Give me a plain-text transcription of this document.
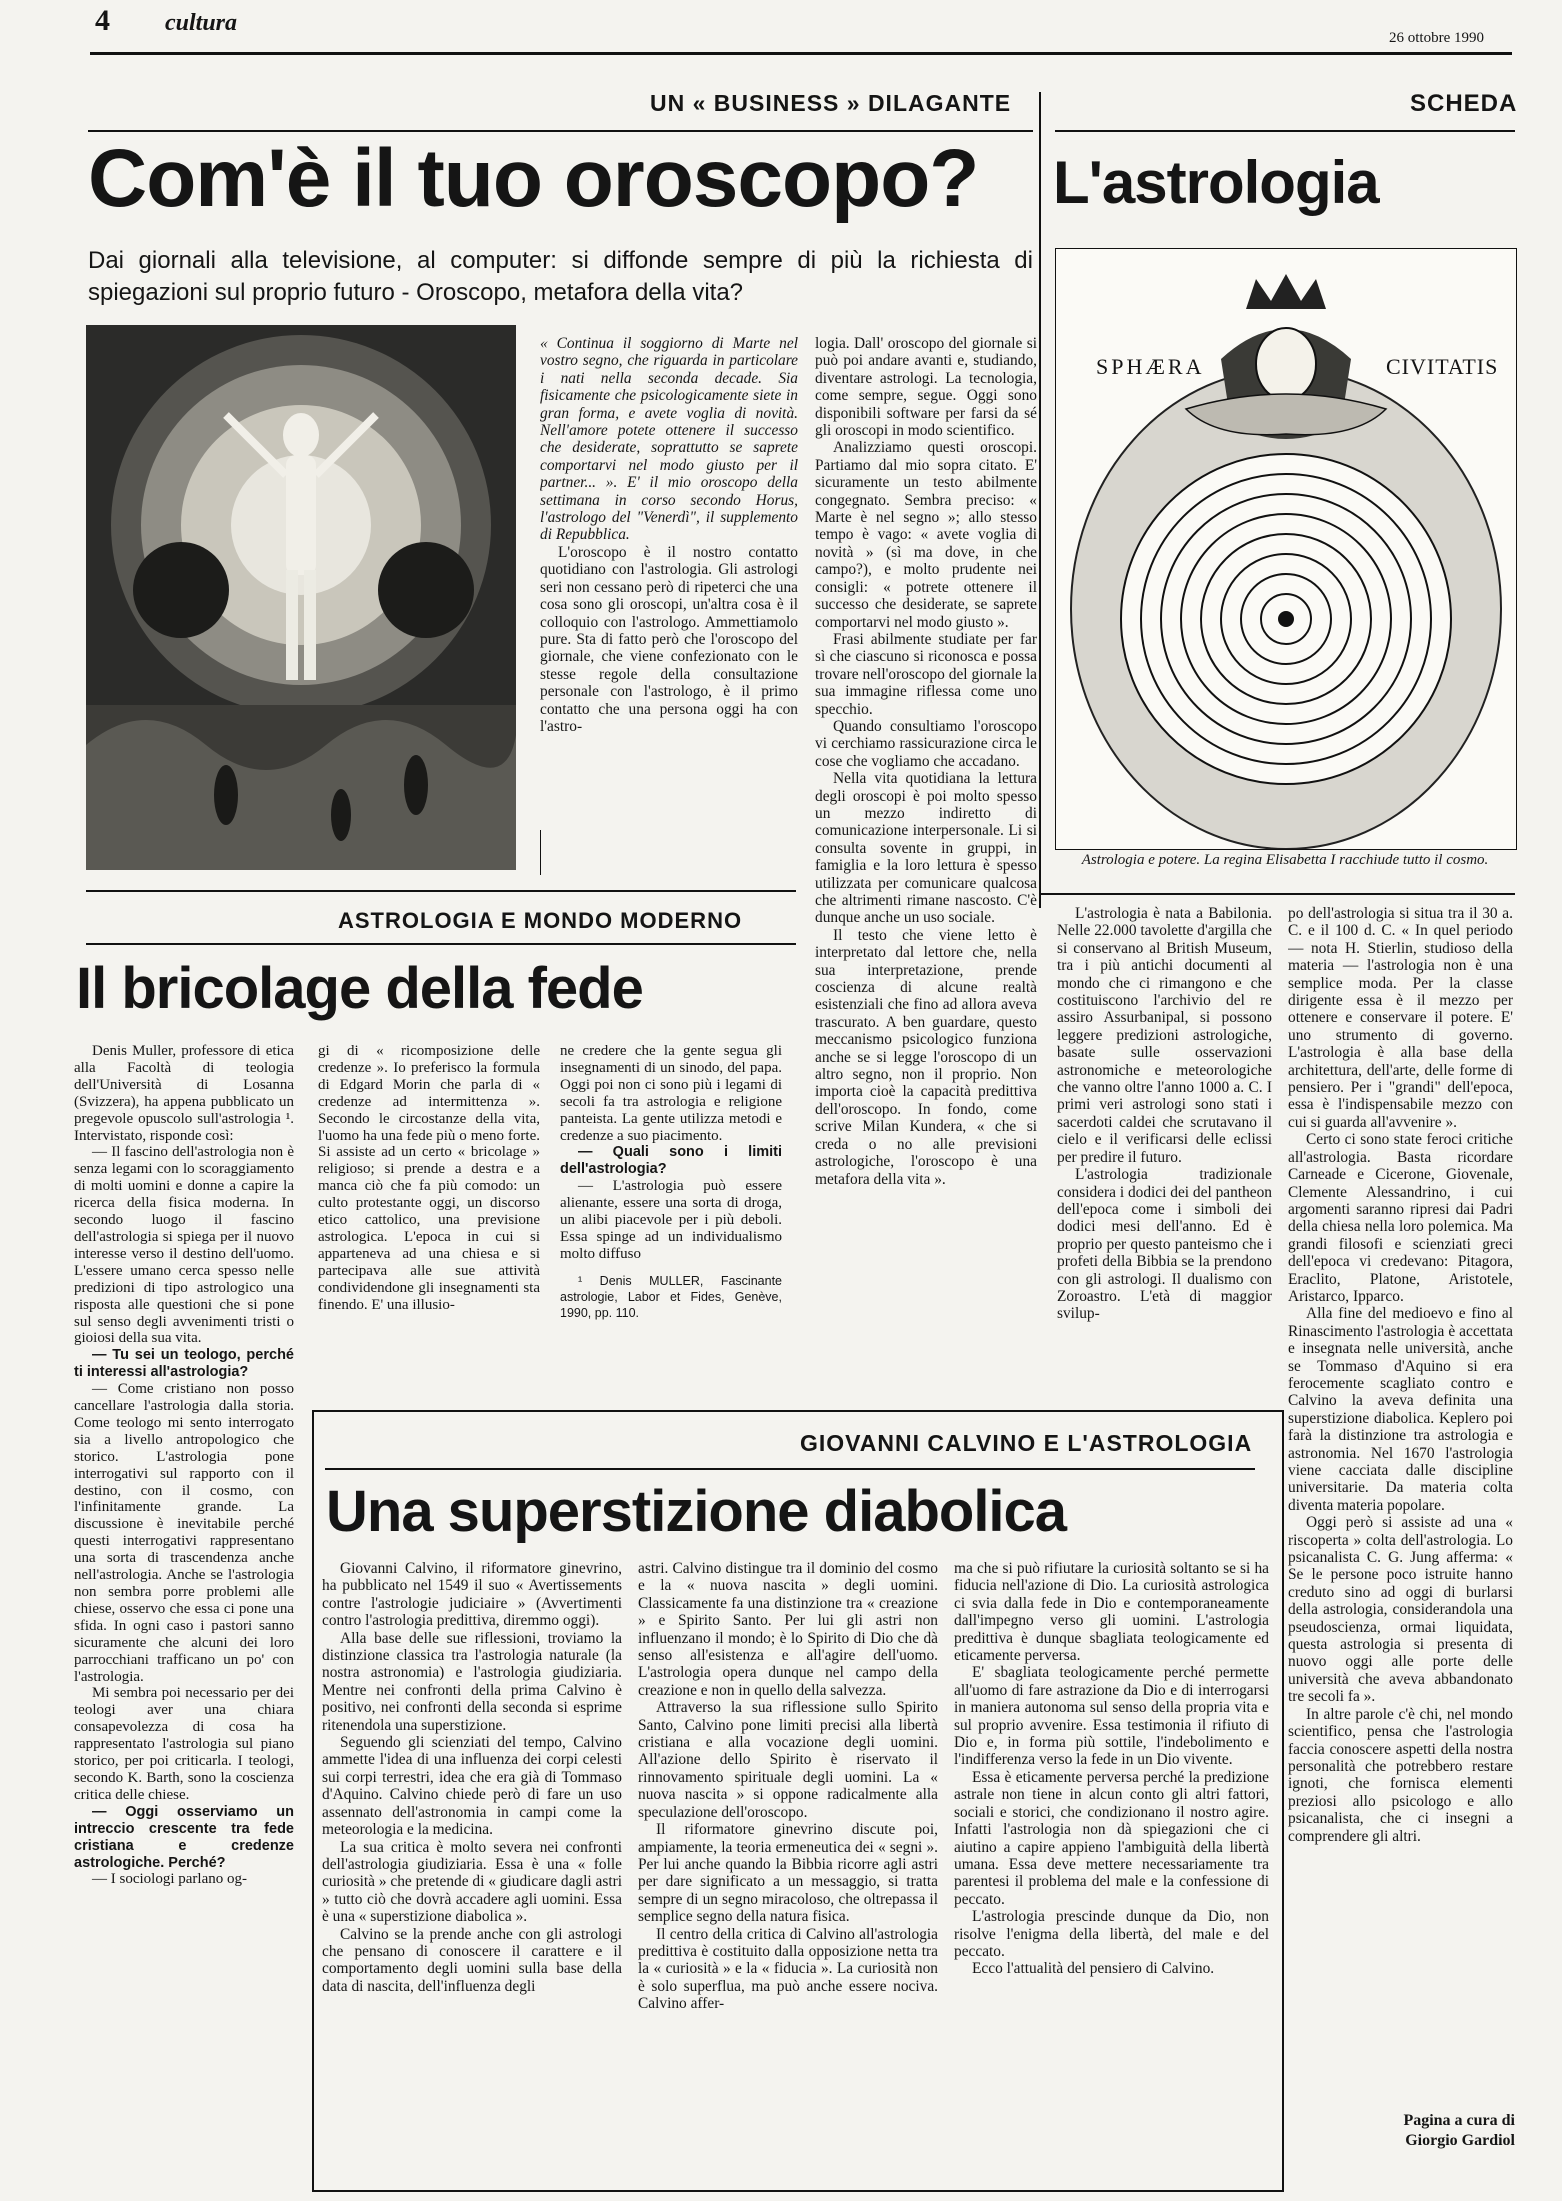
4 cultura
26 ottobre 1990
UN « BUSINESS » DILAGANTE
Com'è il tuo oroscopo?
Dai giornali alla televisione, al computer: si diffonde sempre di più la richiesta di spiegazioni sul proprio futuro - Oroscopo, metafora della vita?

« Continua il soggiorno di Marte nel vostro segno, che riguarda in particolare i nati nella seconda decade. Sia fisicamente che psicologicamente siete in gran forma, e avete voglia di novità. Nell'amore potete ottenere il successo che desiderate, soprattutto se saprete comportarvi nel modo giusto per il partner... ». E' il mio oroscopo della settimana in corso secondo Horus, l'astrologo del "Venerdì", il supplemento di Repubblica.

L'oroscopo è il nostro contatto quotidiano con l'astrologia. Gli astrologi seri non cessano però di ripeterci che una cosa sono gli oroscopi, un'altra cosa è il colloquio con l'astrologo. Ammettiamolo pure. Sta di fatto però che l'oroscopo del giornale, che viene confezionato con le stesse regole della consultazione personale con l'astrologo, è il primo contatto che una persona oggi ha con l'astro-

logia. Dall' oroscopo del giornale si può poi andare avanti e, studiando, diventare astrologi. La tecnologia, come sempre, segue. Oggi sono disponibili software per farsi da sé gli oroscopi in modo scientifico.

Analizziamo questi oroscopi. Partiamo dal mio sopra citato. E' sicuramente un testo abilmente congegnato. Sembra preciso: « Marte è nel segno »; allo stesso tempo è vago: « avete voglia di novità » (sì ma dove, in che campo?), e molto prudente nei consigli: « potrete ottenere il successo che desiderate, se saprete comportarvi nel modo giusto ».

Frasi abilmente studiate per far sì che ciascuno si riconosca e possa trovare nell'oroscopo del giornale la sua immagine riflessa come uno specchio.

Quando consultiamo l'oroscopo vi cerchiamo rassicurazione circa le cose che vogliamo che accadano.

Nella vita quotidiana la lettura degli oroscopi è poi molto spesso un mezzo indiretto di comunicazione interpersonale. Li si consulta sovente in gruppi, in famiglia e la loro lettura è spesso utilizzata per comunicare qualcosa che altrimenti rimane nascosto. C'è dunque anche un uso sociale.

Il testo che viene letto è interpretato dal lettore che, nella sua interpretazione, prende coscienza di alcune realtà esistenziali che fino ad allora aveva trascurato. A ben guardare, questo meccanismo psicologico funziona anche se si legge l'oroscopo di un altro segno, non il proprio. Non importa cioè la capacità predittiva dell'oroscopo. In fondo, come scrive Milan Kundera, « che si creda o no alle previsioni astrologiche, l'oroscopo è una metafora della vita ».

ASTROLOGIA E MONDO MODERNO
Il bricolage della fede

Denis Muller, professore di etica alla Facoltà di teologia dell'Università di Losanna (Svizzera), ha appena pubblicato un pregevole opuscolo sull'astrologia ¹. Intervistato, risponde così:

— Il fascino dell'astrologia non è senza legami con lo scoraggiamento di molti uomini e donne a capire la ricerca della fisica moderna. In secondo luogo il fascino dell'astrologia si spiega per il nuovo interesse verso il destino dell'uomo. L'essere umano cerca spesso nelle predizioni di tipo astrologico una risposta alle questioni che si pone sul senso degli avvenimenti tristi o gioiosi della sua vita.

— Tu sei un teologo, perché ti interessi all'astrologia?

— Come cristiano non posso cancellare l'astrologia dalla storia. Come teologo mi sento interrogato sia a livello antropologico che storico. L'astrologia pone interrogativi sul rapporto con il destino, con il cosmo, con l'infinitamente grande. La discussione è inevitabile perché questi interrogativi rappresentano una sorta di trascendenza anche nell'astrologia. Anche se l'astrologia non sembra porre problemi alle chiese, osservo che essa ci pone una sfida. In ogni caso i pastori sanno sicuramente che alcuni dei loro parrocchiani trafficano un po' con l'astrologia.

Mi sembra poi necessario per dei teologi aver una chiara consapevolezza di cosa ha rappresentato l'astrologia sul piano storico, per poi criticarla. I teologi, secondo K. Barth, sono la coscienza critica delle chiese.

— Oggi osserviamo un intreccio crescente tra fede cristiana e credenze astrologiche. Perché?

— I sociologi parlano og-

gi di « ricomposizione delle credenze ». Io preferisco la formula di Edgard Morin che parla di « credenze ad intermittenza ». Secondo le circostanze della vita, l'uomo ha una fede più o meno forte. Si assiste ad un certo « bricolage » religioso; si prende a destra e a manca ciò che fa più comodo: un culto protestante oggi, un discorso etico cattolico, una previsione astrologica. L'epoca in cui si apparteneva ad una chiesa e si partecipava alle sue attività condividendone gli insegnamenti sta finendo. E' una illusio-

ne credere che la gente segua gli insegnamenti di un sinodo, del papa. Oggi poi non ci sono più i legami di secoli fa tra astrologia e religione panteista. La gente utilizza metodi e credenze a suo piacimento.

— Quali sono i limiti dell'astrologia?

— L'astrologia può essere alienante, essere una sorta di droga, un alibi piacevole per i più deboli. Essa spinge ad un individualismo molto diffuso

¹ Denis MULLER, Fascinante astrologie, Labor et Fides, Genève, 1990, pp. 110.

SCHEDA
L'astrologia
SPHÆRA	CIVITATIS
Astrologia e potere. La regina Elisabetta I racchiude tutto il cosmo.

L'astrologia è nata a Babilonia. Nelle 22.000 tavolette d'argilla che si conservano al British Museum, tra i più antichi documenti al mondo che ci rimangono e che costituiscono l'archivio del re assiro Assurbanipal, si possono leggere predizioni astrologiche, basate sulle osservazioni astronomiche e meteorologiche che vanno oltre l'anno 1000 a. C. I primi veri astrologi sono stati i sacerdoti caldei che scrutavano il cielo e il verificarsi delle eclissi per predire il futuro.

L'astrologia tradizionale considera i dodici dei del pantheon dell'epoca come i simboli dei dodici mesi dell'anno. Ed è proprio per questo panteismo che i profeti della Bibbia se la prendono con gli astrologi. Il dualismo con Zoroastro. L'età di maggior svilup-

po dell'astrologia si situa tra il 30 a. C. e il 100 d. C. « In quel periodo — nota H. Stierlin, studioso della materia — l'astrologia non è una semplice moda. Per la classe dirigente essa è il mezzo per ottenere e conservare il potere. E' uno strumento di governo. L'astrologia è alla base della architettura, dell'arte, delle forme di pensiero. Per i "grandi" dell'epoca, essa è l'indispensabile mezzo con cui si guarda all'avvenire ».

Certo ci sono state feroci critiche all'astrologia. Basta ricordare Carneade e Cicerone, Giovenale, Clemente Alessandrino, i cui argomenti saranno ripresi dai Padri della chiesa nella loro polemica. Ma grandi filosofi e scienziati greci dell'epoca vi credevano: Pitagora, Eraclito, Platone, Aristotele, Aristarco, Ipparco.

Alla fine del medioevo e fino al Rinascimento l'astrologia è accettata e insegnata nelle università, anche se Tommaso d'Aquino si era ferocemente scagliato contro e Calvino la aveva definita una superstizione diabolica. Keplero poi farà la distinzione tra astrologia e astronomia. Nel 1670 l'astrologia viene cacciata dalle discipline universitarie. Da materia colta diventa materia popolare.

Oggi però si assiste ad una « riscoperta » colta dell'astrologia. Lo psicanalista C. G. Jung afferma: « Se le persone poco istruite hanno creduto sino ad oggi di burlarsi della astrologia, considerandola una pseudoscienza, ormai liquidata, questa astrologia si presenta di nuovo oggi alle porte delle università che aveva abbandonato tre secoli fa ».

In altre parole c'è chi, nel mondo scientifico, pensa che l'astrologia faccia conoscere aspetti della nostra personalità che potrebbero restare ignoti, che fornisca elementi preziosi allo psicologo e allo psicanalista, che ci insegni a comprendere gli altri.

Pagina a cura di
Giorgio Gardiol
GIOVANNI CALVINO E L'ASTROLOGIA
Una superstizione diabolica

Giovanni Calvino, il riformatore ginevrino, ha pubblicato nel 1549 il suo « Avertissements contre l'astrologie judiciaire » (Avvertimenti contro l'astrologia predittiva, diremmo oggi).

Alla base delle sue riflessioni, troviamo la distinzione classica tra l'astrologia naturale (la nostra astronomia) e l'astrologia giudiziaria. Mentre nei confronti della prima Calvino è positivo, nei confronti della seconda si esprime ritenendola una superstizione.

Seguendo gli scienziati del tempo, Calvino ammette l'idea di una influenza dei corpi celesti sui corpi terrestri, idea che era già di Tommaso d'Aquino. Calvino chiede però di fare un uso assennato dell'astronomia in campi come la meteorologia e la medicina.

La sua critica è molto severa nei confronti dell'astrologia giudiziaria. Essa è una « folle curiosità » che pretende di « giudicare dagli astri » tutto ciò che dovrà accadere agli uomini. Essa è una « superstizione diabolica ».

Calvino se la prende anche con gli astrologi che pensano di conoscere il carattere e il comportamento degli uomini sulla base della data di nascita, dell'influenza degli

astri. Calvino distingue tra il dominio del cosmo e la « nuova nascita » degli uomini. Classicamente fa una distinzione tra « creazione » e Spirito Santo. Per lui gli astri non influenzano il mondo; è lo Spirito di Dio che dà senso all'esistenza e all'agire dell'uomo. L'astrologia opera dunque nel campo della creazione e non in quello della salvezza.

Attraverso la sua riflessione sullo Spirito Santo, Calvino pone limiti precisi alla libertà cristiana e alla vocazione degli uomini. All'azione dello Spirito è riservato il rinnovamento spirituale degli uomini. La « nuova nascita » si oppone radicalmente alla speculazione dell'oroscopo.

Il riformatore ginevrino discute poi, ampiamente, la teoria ermeneutica dei « segni ». Per lui anche quando la Bibbia ricorre agli astri per dare significato a un messaggio, si tratta sempre di un segno miracoloso, che oltrepassa il semplice segno della natura fisica.

Il centro della critica di Calvino all'astrologia predittiva è costituito dalla opposizione netta tra la « curiosità » e la « fiducia ». La curiosità non è solo superflua, ma può anche essere nociva. Calvino affer-

ma che si può rifiutare la curiosità soltanto se si ha fiducia nell'azione di Dio. La curiosità astrologica ci svia dalla fede in Dio e contemporaneamente dall'impegno verso gli uomini. L'astrologia predittiva è dunque sbagliata teologicamente ed eticamente perversa.

E' sbagliata teologicamente perché permette all'uomo di fare astrazione da Dio e di interrogarsi in maniera autonoma sul senso della propria vita e sul proprio avvenire. Essa testimonia il rifiuto di Dio e, in forma più sottile, l'indebolimento e l'indifferenza verso la fede in un Dio vivente.

Essa è eticamente perversa perché la predizione astrale non tiene in alcun conto gli altri fattori, sociali e storici, che condizionano il nostro agire. Infatti l'astrologia non dà spiegazioni che ci aiutino a capire appieno l'ambiguità della libertà umana. Essa deve mettere necessariamente tra parentesi il problema del male e la confessione di peccato.

L'astrologia prescinde dunque da Dio, non risolve l'enigma della libertà, del male e del peccato.

Ecco l'attualità del pensiero di Calvino.
